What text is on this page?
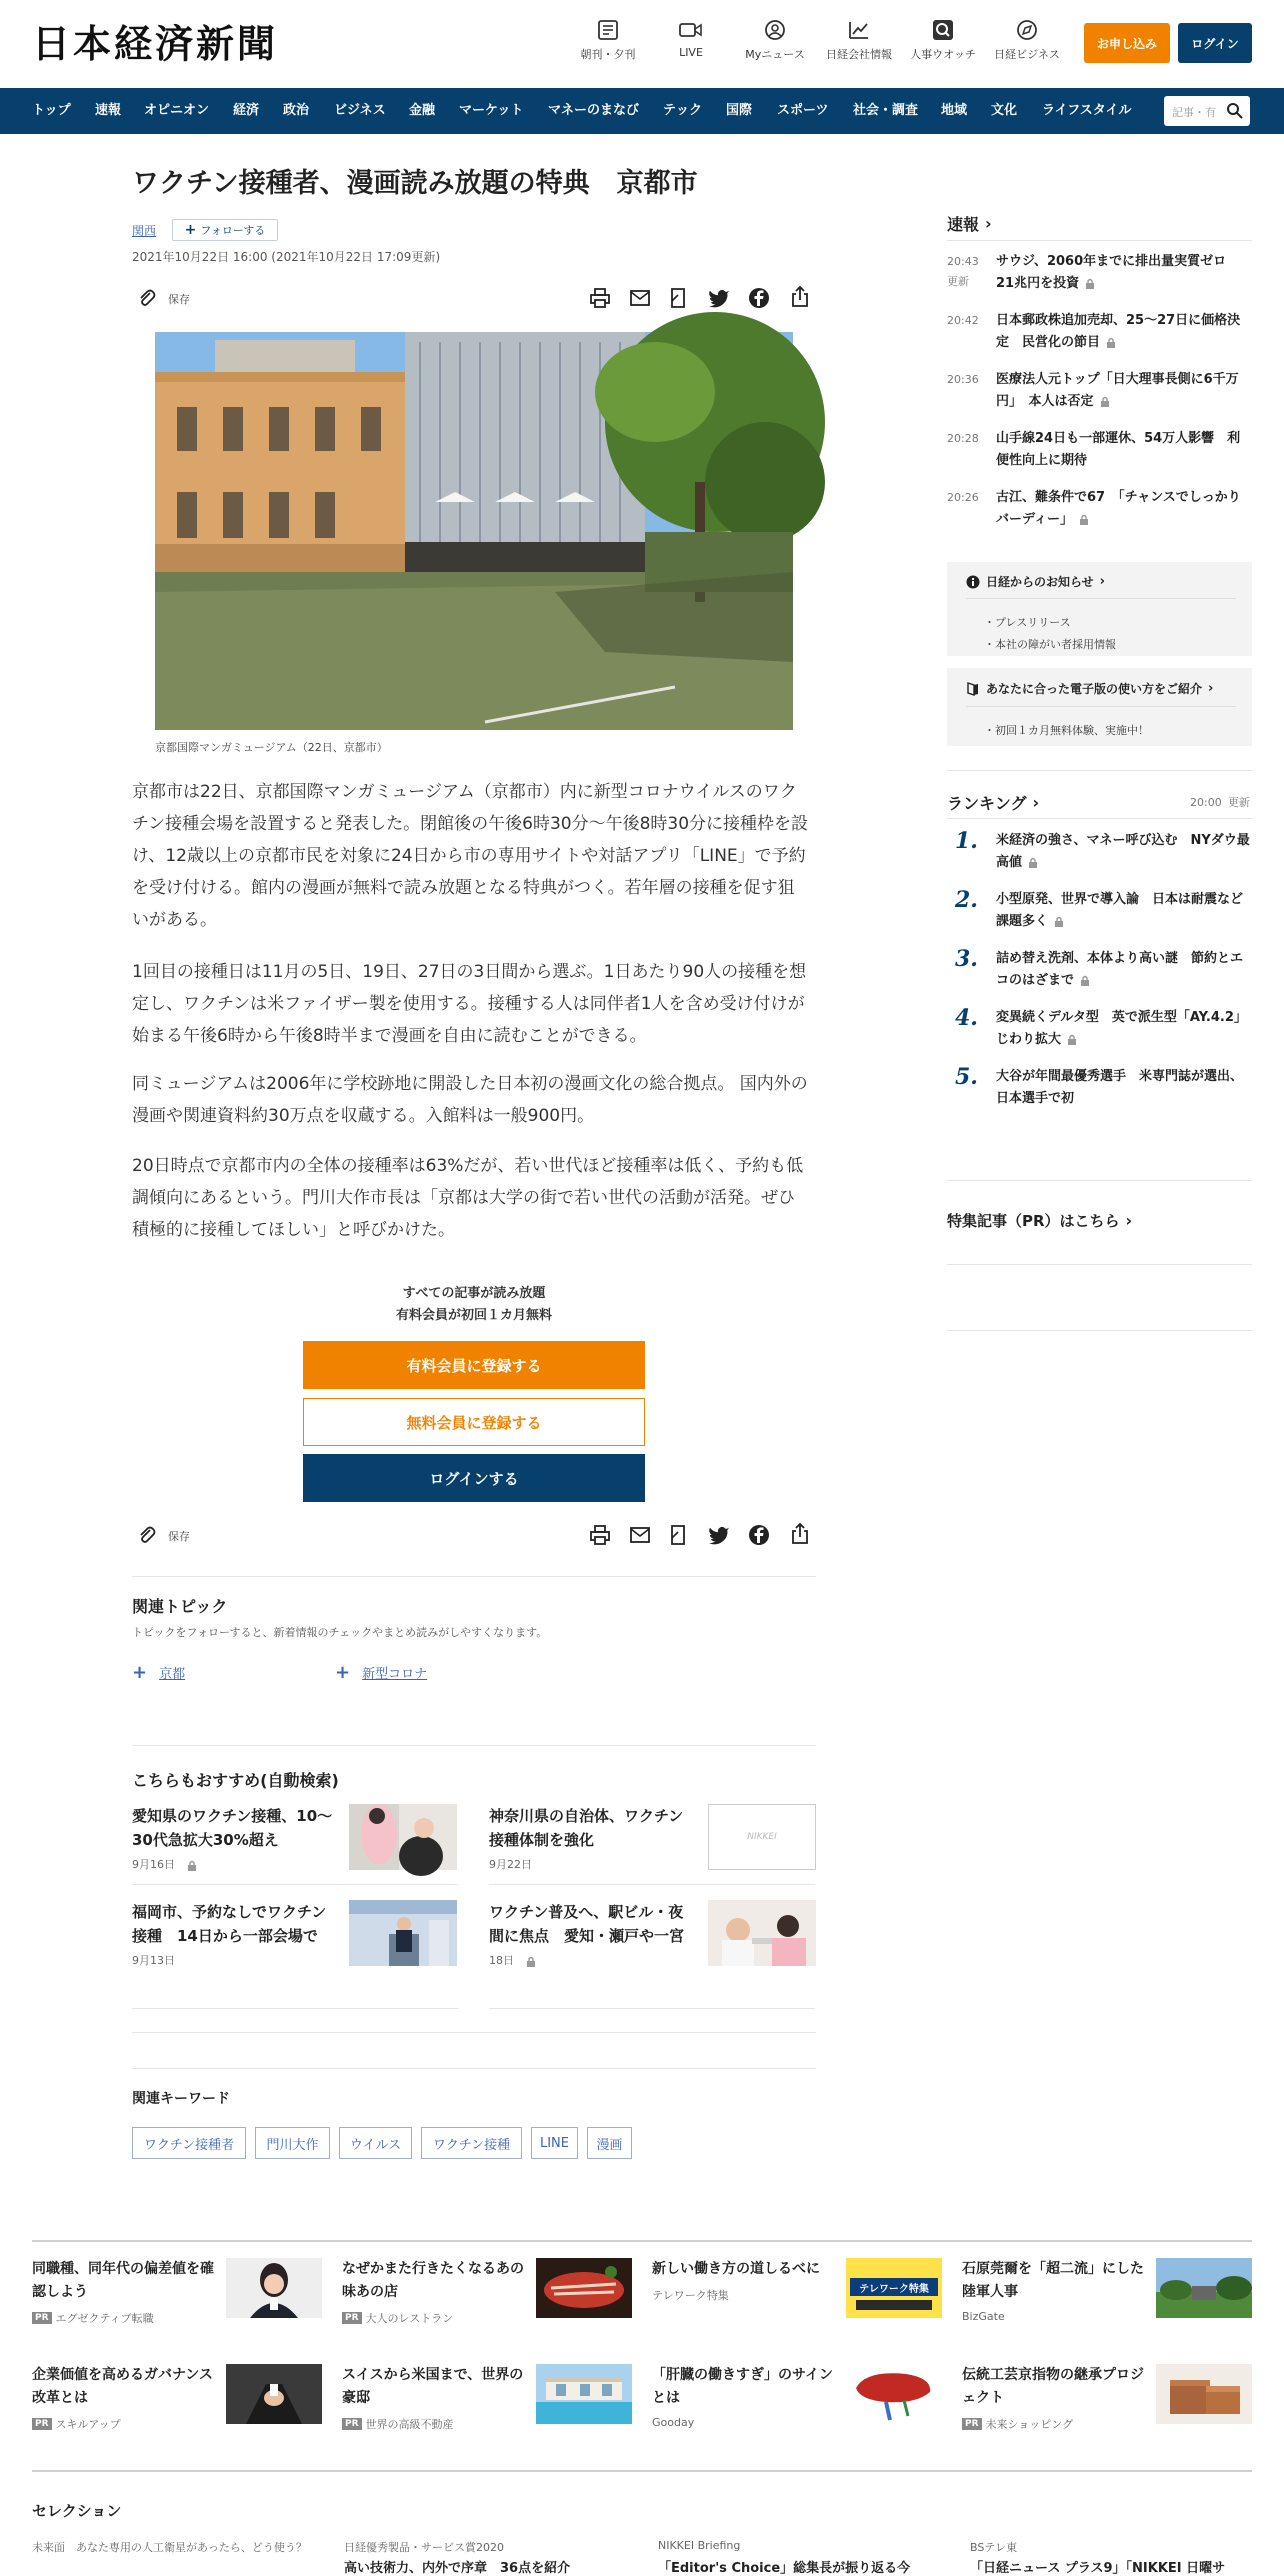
日本経済新聞	朝刊・夕刊	LIVE	Myニュース	日経会社情報	人事ウオッチ	日経ビジネス
お申し込み	ログイン
トップ 速報 オピニオン 経済 政治 ビジネス 金融 マーケット マネーのまなび テック 国際 スポーツ 社会・調査 地域 文化 ライフスタイル	記事・有
ワクチン接種者、漫画読み放題の特典　京都市
関西 + フォローする
2021年10月22日 16:00 (2021年10月22日 17:09更新)
保存
京都国際マンガミュージアム（22日、京都市）

京都市は22日、京都国際マンガミュージアム（京都市）内に新型コロナウイルスのワクチン接種会場を設置すると発表した。閉館後の午後6時30分～午後8時30分に接種枠を設け、12歳以上の京都市民を対象に24日から市の専用サイトや対話アプリ「LINE」で予約を受け付ける。館内の漫画が無料で読み放題となる特典がつく。若年層の接種を促す狙いがある。

1回目の接種日は11月の5日、19日、27日の3日間から選ぶ。1日あたり90人の接種を想定し、ワクチンは米ファイザー製を使用する。接種する人は同伴者1人を含め受け付けが始まる午後6時から午後8時半まで漫画を自由に読むことができる。

同ミュージアムは2006年に学校跡地に開設した日本初の漫画文化の総合拠点。 国内外の漫画や関連資料約30万点を収蔵する。入館料は一般900円。

20日時点で京都市内の全体の接種率は63%だが、若い世代ほど接種率は低く、予約も低調傾向にあるという。門川大作市長は「京都は大学の街で若い世代の活動が活発。ぜひ積極的に接種してほしい」と呼びかけた。

すべての記事が読み放題
有料会員が初回１カ月無料
有料会員に登録する
無料会員に登録する
ログインする
保存
関連トピック
トピックをフォローすると、新着情報のチェックやまとめ読みがしやすくなります。
+ 京都	+ 新型コロナ
こちらもおすすめ(自動検索)
愛知県のワクチン接種、10～30代急拡大30%超え
9月16日
神奈川県の自治体、ワクチン接種体制を強化
9月22日
NIKKEI
福岡市、予約なしでワクチン接種　14日から一部会場で
9月13日
ワクチン普及へ、駅ビル・夜間に焦点　愛知・瀬戸や一宮
18日
関連キーワード
ワクチン接種者	門川大作	ウイルス	ワクチン接種	LINE	漫画
速報 ›
20:43
更新
サウジ、2060年までに排出量実質ゼロ　21兆円を投資
20:42 日本郵政株追加売却、25～27日に価格決定　民営化の節目
20:36 医療法人元トップ「日大理事長側に6千万円」　本人は否定
20:28 山手線24日も一部運休、54万人影響　利便性向上に期待
20:26 古江、難条件で67　「チャンスでしっかりバーディー」
日経からのお知らせ ›
・プレスリリース
・本社の障がい者採用情報
あなたに合った電子版の使い方をご紹介 ›
・初回１カ月無料体験、実施中！
ランキング ›	20:00 更新
1. 米経済の強さ、マネー呼び込む　NYダウ最高値
2. 小型原発、世界で導入論　日本は耐震など課題多く
3. 詰め替え洗剤、本体より高い謎　節約とエコのはざまで
4. 変異続くデルタ型　英で派生型「AY.4.2」じわり拡大
5. 大谷が年間最優秀選手　米専門誌が選出、日本選手で初
特集記事（PR）はこちら ›
同職種、同年代の偏差値を確認しよう
PR エグゼクティブ転職
なぜかまた行きたくなるあの味あの店
PR 大人のレストラン
新しい働き方の道しるべに
テレワーク特集	テレワーク特集
石原莞爾を「超二流」にした陸軍人事
BizGate
企業価値を高めるガバナンス改革とは
PR スキルアップ
スイスから米国まで、世界の豪邸
PR 世界の高級不動産
「肝臓の働きすぎ」のサインとは
Gooday
伝統工芸京指物の継承プロジェクト
PR 未来ショッピング
セレクション
未来面　あなた専用の人工衛星があったら、どう使う？	日経優秀製品・サービス賞2020
高い技術力、内外で序章　36点を紹介
NIKKEI Briefing
「Editor's Choice」総集長が振り返る今
BSテレ東
「日経ニュース プラス9」「NIKKEI 日曜サ
